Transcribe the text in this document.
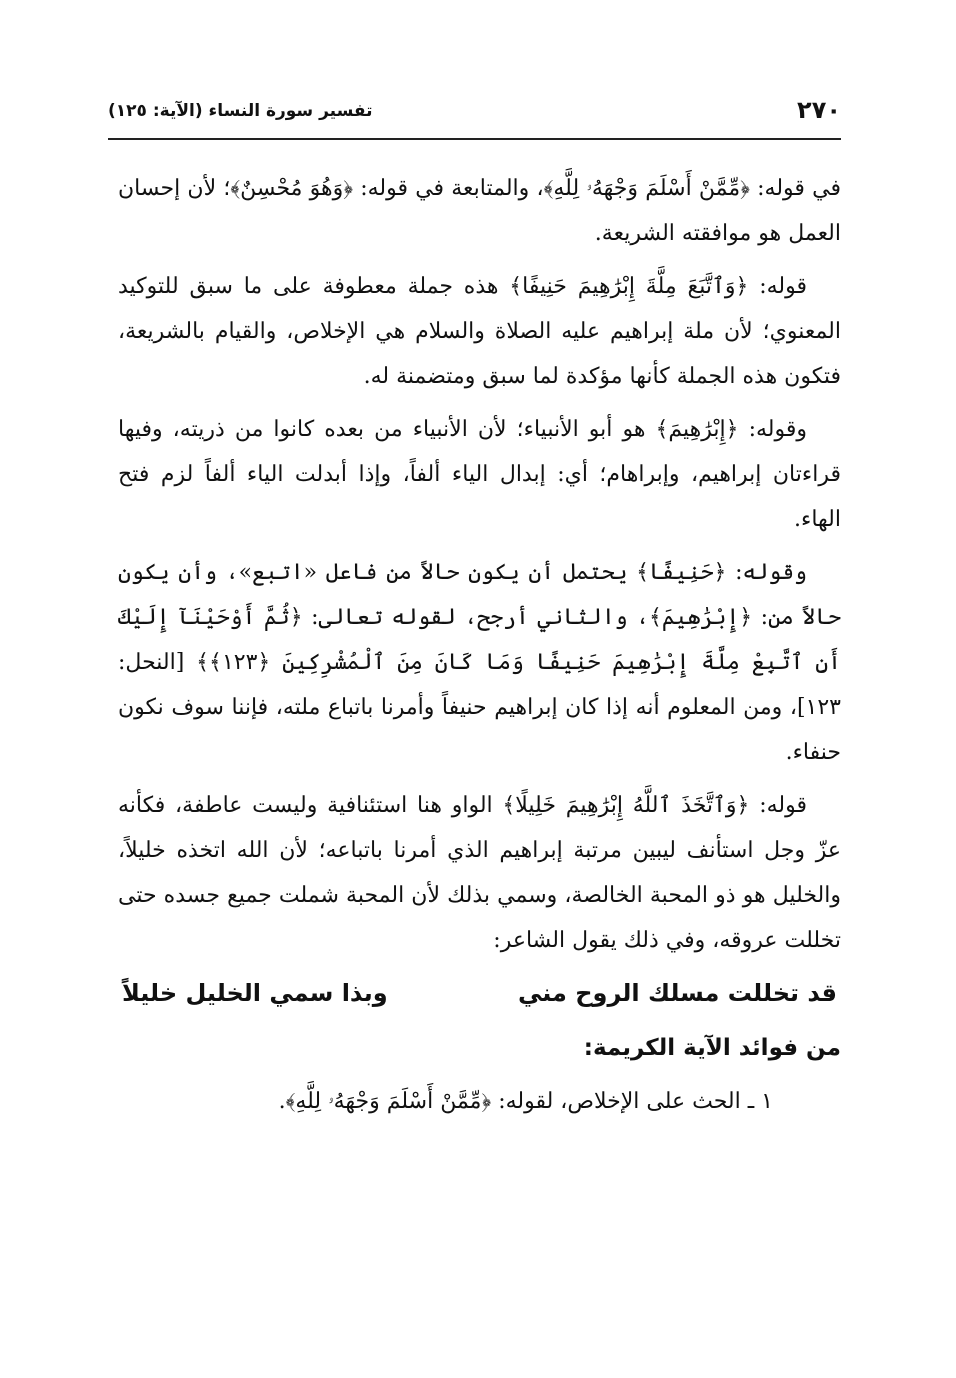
٢٧٠
تفسير سورة النساء (الآية: ١٢٥)

في قوله: ﴿مِّمَّنْ أَسْلَمَ وَجْهَهُۥ لِلَّهِ﴾، والمتابعة في قوله: ﴿وَهُوَ مُحْسِنٌ﴾؛ لأن إحسان العمل هو موافقته الشريعة.

قوله: ﴿وَٱتَّبَعَ مِلَّةَ إِبْرَٰهِيمَ حَنِيفًا﴾ هذه جملة معطوفة على ما سبق للتوكيد المعنوي؛ لأن ملة إبراهيم عليه الصلاة والسلام هي الإخلاص، والقيام بالشريعة، فتكون هذه الجملة كأنها مؤكدة لما سبق ومتضمنة له.

وقوله: ﴿إِبْرَٰهِيمَ﴾ هو أبو الأنبياء؛ لأن الأنبياء من بعده كانوا من ذريته، وفيها قراءتان إبراهيم، وإبراهام؛ أي: إبدال الياء ألفاً، وإذا أبدلت الياء ألفاً لزم فتح الهاء.

وقوله: ﴿حَنِيفًا﴾ يحتمل أن يكون حالاً من فاعل «اتبع»، وأن يكون حالاً من: ﴿إِبْرَٰهِيمَ﴾، والثاني أرجح، لقوله تعالى: ﴿ثُمَّ أَوْحَيْنَآ إِلَيْكَ أَنِ ٱتَّبِعْ مِلَّةَ إِبْرَٰهِيمَ حَنِيفًا وَمَا كَانَ مِنَ ٱلْمُشْرِكِينَ ﴿١٢٣﴾﴾ [النحل: ١٢٣]، ومن المعلوم أنه إذا كان إبراهيم حنيفاً وأمرنا باتباع ملته، فإننا سوف نكون حنفاء.

قوله: ﴿وَٱتَّخَذَ ٱللَّهُ إِبْرَٰهِيمَ خَلِيلًا﴾ الواو هنا استئنافية وليست عاطفة، فكأنه عزّ وجل استأنف ليبين مرتبة إبراهيم الذي أمرنا باتباعه؛ لأن الله اتخذه خليلاً، والخليل هو ذو المحبة الخالصة، وسمي بذلك لأن المحبة شملت جميع جسده حتى تخللت عروقه، وفي ذلك يقول الشاعر:

قد تخللت مسلك الروح مني
وبذا سمي الخليل خليلاً
من فوائد الآية الكريمة:

١ ـ الحث على الإخلاص، لقوله: ﴿مِّمَّنْ أَسْلَمَ وَجْهَهُۥ لِلَّهِ﴾.
